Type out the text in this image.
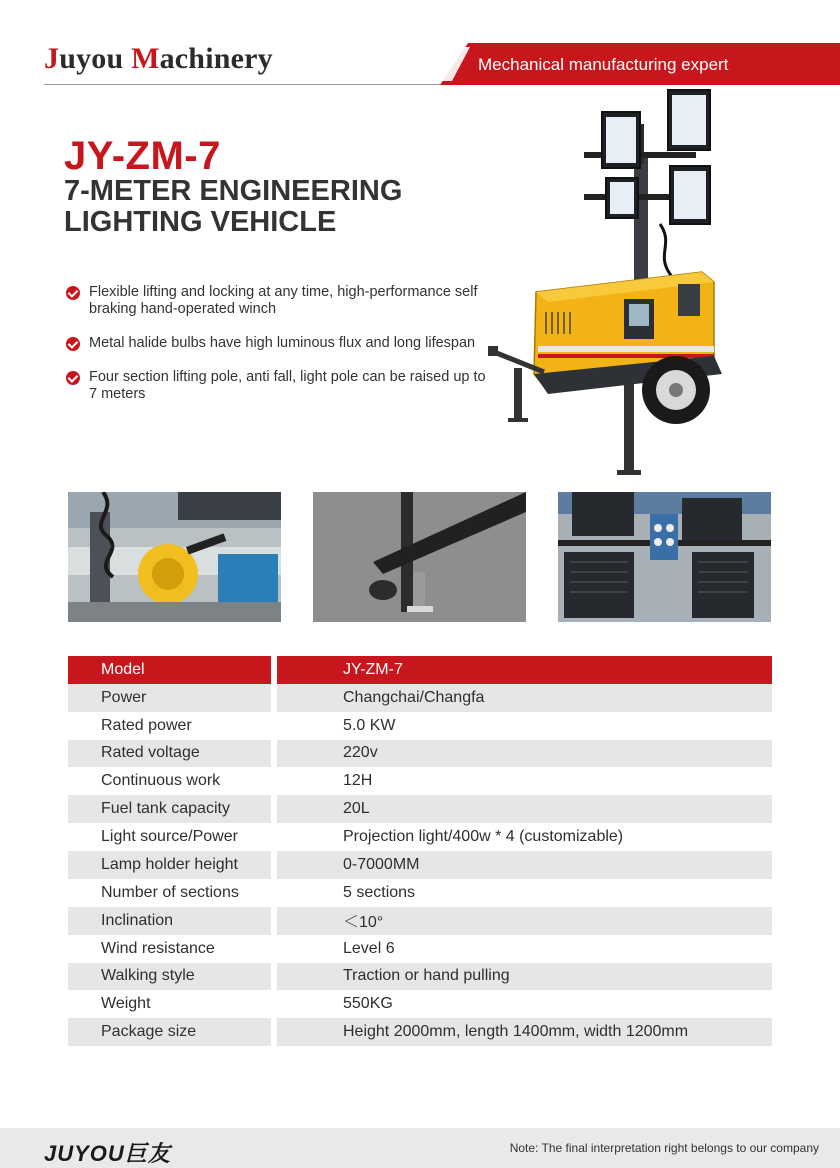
Juyou Machinery	Mechanical manufacturing expert
JY-ZM-7
7-METER ENGINEERING LIGHTING VEHICLE
Flexible lifting and locking at any time, high-performance self braking hand-operated winch
Metal halide bulbs have high luminous flux and long lifespan
Four section lifting pole, anti fall, light pole can be raised up to 7 meters
Model	JY-ZM-7
Power	Changchai/Changfa
Rated power	5.0 KW
Rated voltage	220v
Continuous work	12H
Fuel tank capacity	20L
Light source/Power	Projection light/400w * 4 (customizable)
Lamp holder height	0-7000MM
Number of sections	5 sections
Inclination	＜10°
Wind resistance	Level 6
Walking style	Traction or hand pulling
Weight	550KG
Package size	Height 2000mm, length 1400mm, width 1200mm
JUYOU巨友	Note: The final interpretation right belongs to our company
